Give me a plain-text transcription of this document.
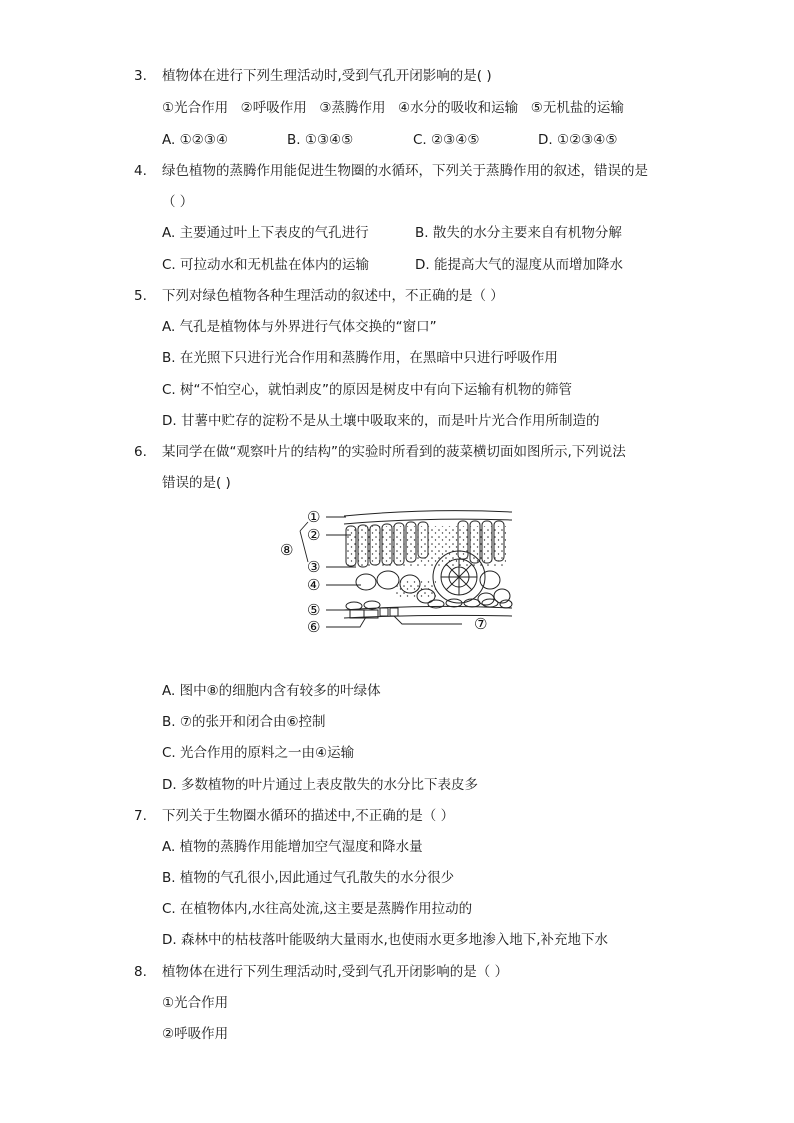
3.	植物体在进行下列生理活动时,受到气孔开闭影响的是( )
①光合作用  ②呼吸作用  ③蒸腾作用  ④水分的吸收和运输  ⑤无机盐的运输
A. ①②③④	B. ①③④⑤	C. ②③④⑤	D. ①②③④⑤
4.	绿色植物的蒸腾作用能促进生物圈的水循环，下列关于蒸腾作用的叙述，错误的是
（ ）
A. 主要通过叶上下表皮的气孔进行	B. 散失的水分主要来自有机物分解
C. 可拉动水和无机盐在体内的运输	D. 能提高大气的湿度从而增加降水
5.	下列对绿色植物各种生理活动的叙述中，不正确的是（ ）
A. 气孔是植物体与外界进行气体交换的“窗口”
B. 在光照下只进行光合作用和蒸腾作用，在黑暗中只进行呼吸作用
C. 树“不怕空心，就怕剥皮”的原因是树皮中有向下运输有机物的筛管
D. 甘薯中贮存的淀粉不是从土壤中吸取来的，而是叶片光合作用所制造的
6.	某同学在做“观察叶片的结构”的实验时所看到的菠菜横切面如图所示,下列说法
错误的是( )
①
②
③
④
⑤
⑥	⑦
⑧
A. 图中⑧的细胞内含有较多的叶绿体
B. ⑦的张开和闭合由⑥控制
C. 光合作用的原料之一由④运输
D. 多数植物的叶片通过上表皮散失的水分比下表皮多
7.	下列关于生物圈水循环的描述中,不正确的是（ ）
A. 植物的蒸腾作用能增加空气湿度和降水量
B. 植物的气孔很小,因此通过气孔散失的水分很少
C. 在植物体内,水往高处流,这主要是蒸腾作用拉动的
D. 森林中的枯枝落叶能吸纳大量雨水,也使雨水更多地渗入地下,补充地下水
8.	植物体在进行下列生理活动时,受到气孔开闭影响的是（ ）
①光合作用
②呼吸作用
